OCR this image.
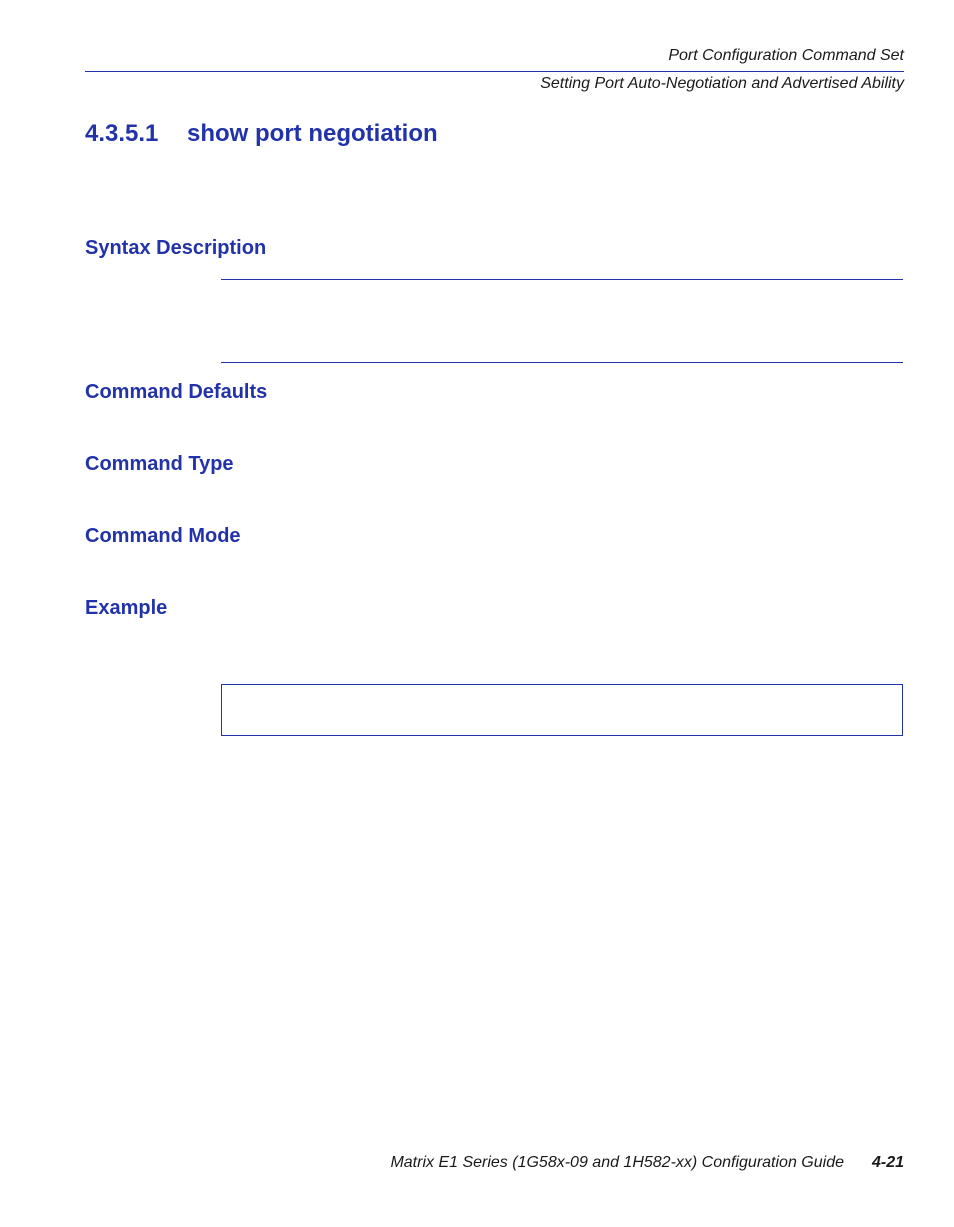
Port Configuration Command Set
Setting Port Auto-Negotiation and Advertised Ability
4.3.5.1 show port negotiation
Syntax Description
Command Defaults
Command Type
Command Mode
Example
Matrix E1 Series (1G58x-09 and 1H582-xx) Configuration Guide 4-21
